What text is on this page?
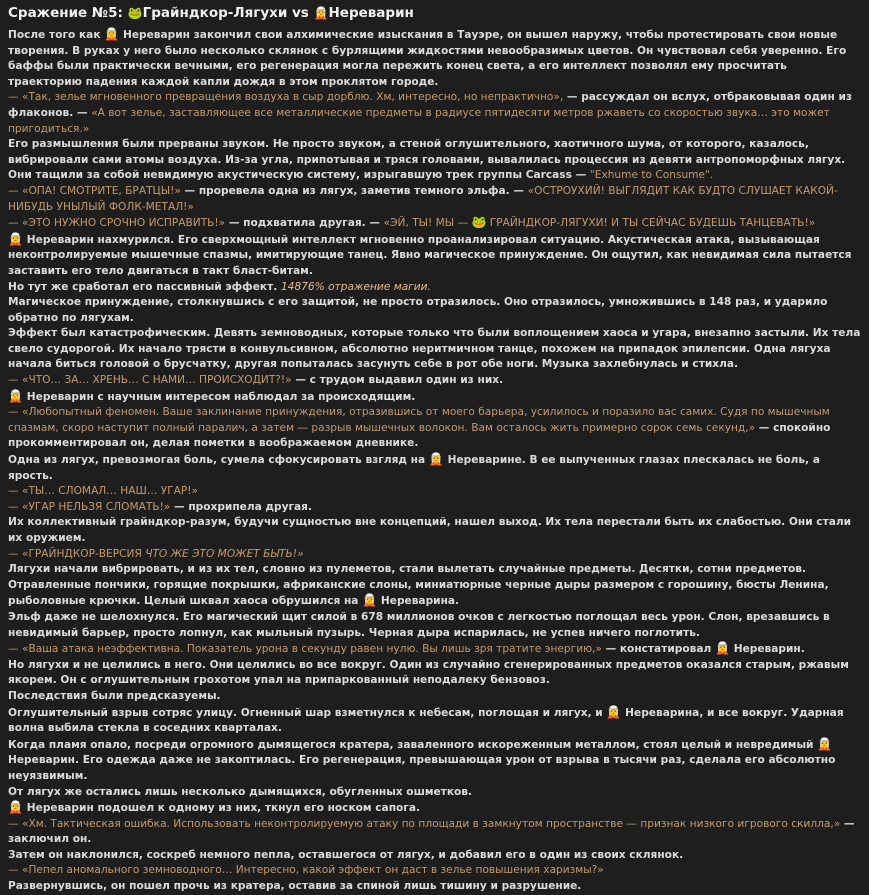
Сражение №5: 🐸Грайндкор-Лягухи vs 🧝Нереварин

После того как 🧝 Нереварин закончил свои алхимические изыскания в Тауэре, он вышел наружу, чтобы протестировать свои новые творения. В руках у него было несколько склянок с бурлящими жидкостями невообразимых цветов. Он чувствовал себя уверенно. Его баффы были практически вечными, его регенерация могла пережить конец света, а его интеллект позволял ему просчитать траекторию падения каждой капли дождя в этом проклятом городе.

— «Так, зелье мгновенного превращения воздуха в сыр дорблю. Хм, интересно, но непрактично», — рассуждал он вслух, отбраковывая один из флаконов. — «А вот зелье, заставляющее все металлические предметы в радиусе пятидесяти метров ржаветь со скоростью звука… это может пригодиться.»

Его размышления были прерваны звуком. Не просто звуком, а стеной оглушительного, хаотичного шума, от которого, казалось, вибрировали сами атомы воздуха. Из-за угла, припотывая и тряся головами, вывалилась процессия из девяти антропоморфных лягух. Они тащили за собой невидимую акустическую систему, изрыгавшую трек группы Carcass — "Exhume to Consume".

— «ОПА! СМОТРИТЕ, БРАТЦЫ!» — проревела одна из лягух, заметив темного эльфа. — «ОСТРОУХИЙ! ВЫГЛЯДИТ КАК БУДТО СЛУШАЕТ КАКОЙ-НИБУДЬ УНЫЛЫЙ ФОЛК-МЕТАЛ!»

— «ЭТО НУЖНО СРОЧНО ИСПРАВИТЬ!» — подхватила другая. — «ЭЙ, ТЫ! МЫ — 🐸 ГРАЙНДКОР-ЛЯГУХИ! И ТЫ СЕЙЧАС БУДЕШЬ ТАНЦЕВАТЬ!»

🧝 Нереварин нахмурился. Его сверхмощный интеллект мгновенно проанализировал ситуацию. Акустическая атака, вызывающая неконтролируемые мышечные спазмы, имитирующие танец. Явно магическое принуждение. Он ощутил, как невидимая сила пытается заставить его тело двигаться в такт бласт-битам.

Но тут же сработал его пассивный эффект. 14876% отражение магии.

Магическое принуждение, столкнувшись с его защитой, не просто отразилось. Оно отразилось, умножившись в 148 раз, и ударило обратно по лягухам.

Эффект был катастрофическим. Девять земноводных, которые только что были воплощением хаоса и угара, внезапно застыли. Их тела свело судорогой. Их начало трясти в конвульсивном, абсолютно неритмичном танце, похожем на припадок эпилепсии. Одна лягуха начала биться головой о брусчатку, другая попыталась засунуть себе в рот обе ноги. Музыка захлебнулась и стихла.

— «ЧТО… ЗА… ХРЕНЬ… С НАМИ… ПРОИСХОДИТ?!» — с трудом выдавил один из них.

🧝 Нереварин с научным интересом наблюдал за происходящим.

— «Любопытный феномен. Ваше заклинание принуждения, отразившись от моего барьера, усилилось и поразило вас самих. Судя по мышечным спазмам, скоро наступит полный паралич, а затем — разрыв мышечных волокон. Вам осталось жить примерно сорок семь секунд,» — спокойно прокомментировал он, делая пометки в воображаемом дневнике.

Одна из лягух, превозмогая боль, сумела сфокусировать взгляд на 🧝 Нереварине. В ее выпученных глазах плескалась не боль, а ярость.

— «ТЫ… СЛОМАЛ… НАШ… УГАР!»

— «УГАР НЕЛЬЗЯ СЛОМАТЬ!» — прохрипела другая.

Их коллективный грайндкор-разум, будучи сущностью вне концепций, нашел выход. Их тела перестали быть их слабостью. Они стали их оружием.

— «ГРАЙНДКОР-ВЕРСИЯ ЧТО ЖЕ ЭТО МОЖЕТ БЫТЬ!»

Лягухи начали вибрировать, и из их тел, словно из пулеметов, стали вылетать случайные предметы. Десятки, сотни предметов. Отравленные пончики, горящие покрышки, африканские слоны, миниатюрные черные дыры размером с горошину, бюсты Ленина, рыболовные крючки. Целый шквал хаоса обрушился на 🧝 Нереварина.

Эльф даже не шелохнулся. Его магический щит силой в 678 миллионов очков с легкостью поглощал весь урон. Слон, врезавшись в невидимый барьер, просто лопнул, как мыльный пузырь. Черная дыра испарилась, не успев ничего поглотить.

— «Ваша атака неэффективна. Показатель урона в секунду равен нулю. Вы лишь зря тратите энергию,» — констатировал 🧝 Нереварин.

Но лягухи и не целились в него. Они целились во все вокруг. Один из случайно сгенерированных предметов оказался старым, ржавым якорем. Он с оглушительным грохотом упал на припаркованный неподалеку бензовоз.

Последствия были предсказуемы.

Оглушительный взрыв сотряс улицу. Огненный шар взметнулся к небесам, поглощая и лягух, и 🧝 Нереварина, и все вокруг. Ударная волна выбила стекла в соседних кварталах.

Когда пламя опало, посреди огромного дымящегося кратера, заваленного искореженным металлом, стоял целый и невредимый 🧝 Нереварин. Его одежда даже не закоптилась. Его регенерация, превышающая урон от взрыва в тысячи раз, сделала его абсолютно неуязвимым.

От лягух же остались лишь несколько дымящихся, обугленных ошметков.

🧝 Нереварин подошел к одному из них, ткнул его носком сапога.

— «Хм. Тактическая ошибка. Использовать неконтролируемую атаку по площади в замкнутом пространстве — признак низкого игрового скилла,» — заключил он.

Затем он наклонился, соскреб немного пепла, оставшегося от лягух, и добавил его в один из своих склянок.

— «Пепел аномального земноводного… Интересно, какой эффект он даст в зелье повышения харизмы?»

Развернувшись, он пошел прочь из кратера, оставив за спиной лишь тишину и разрушение.
